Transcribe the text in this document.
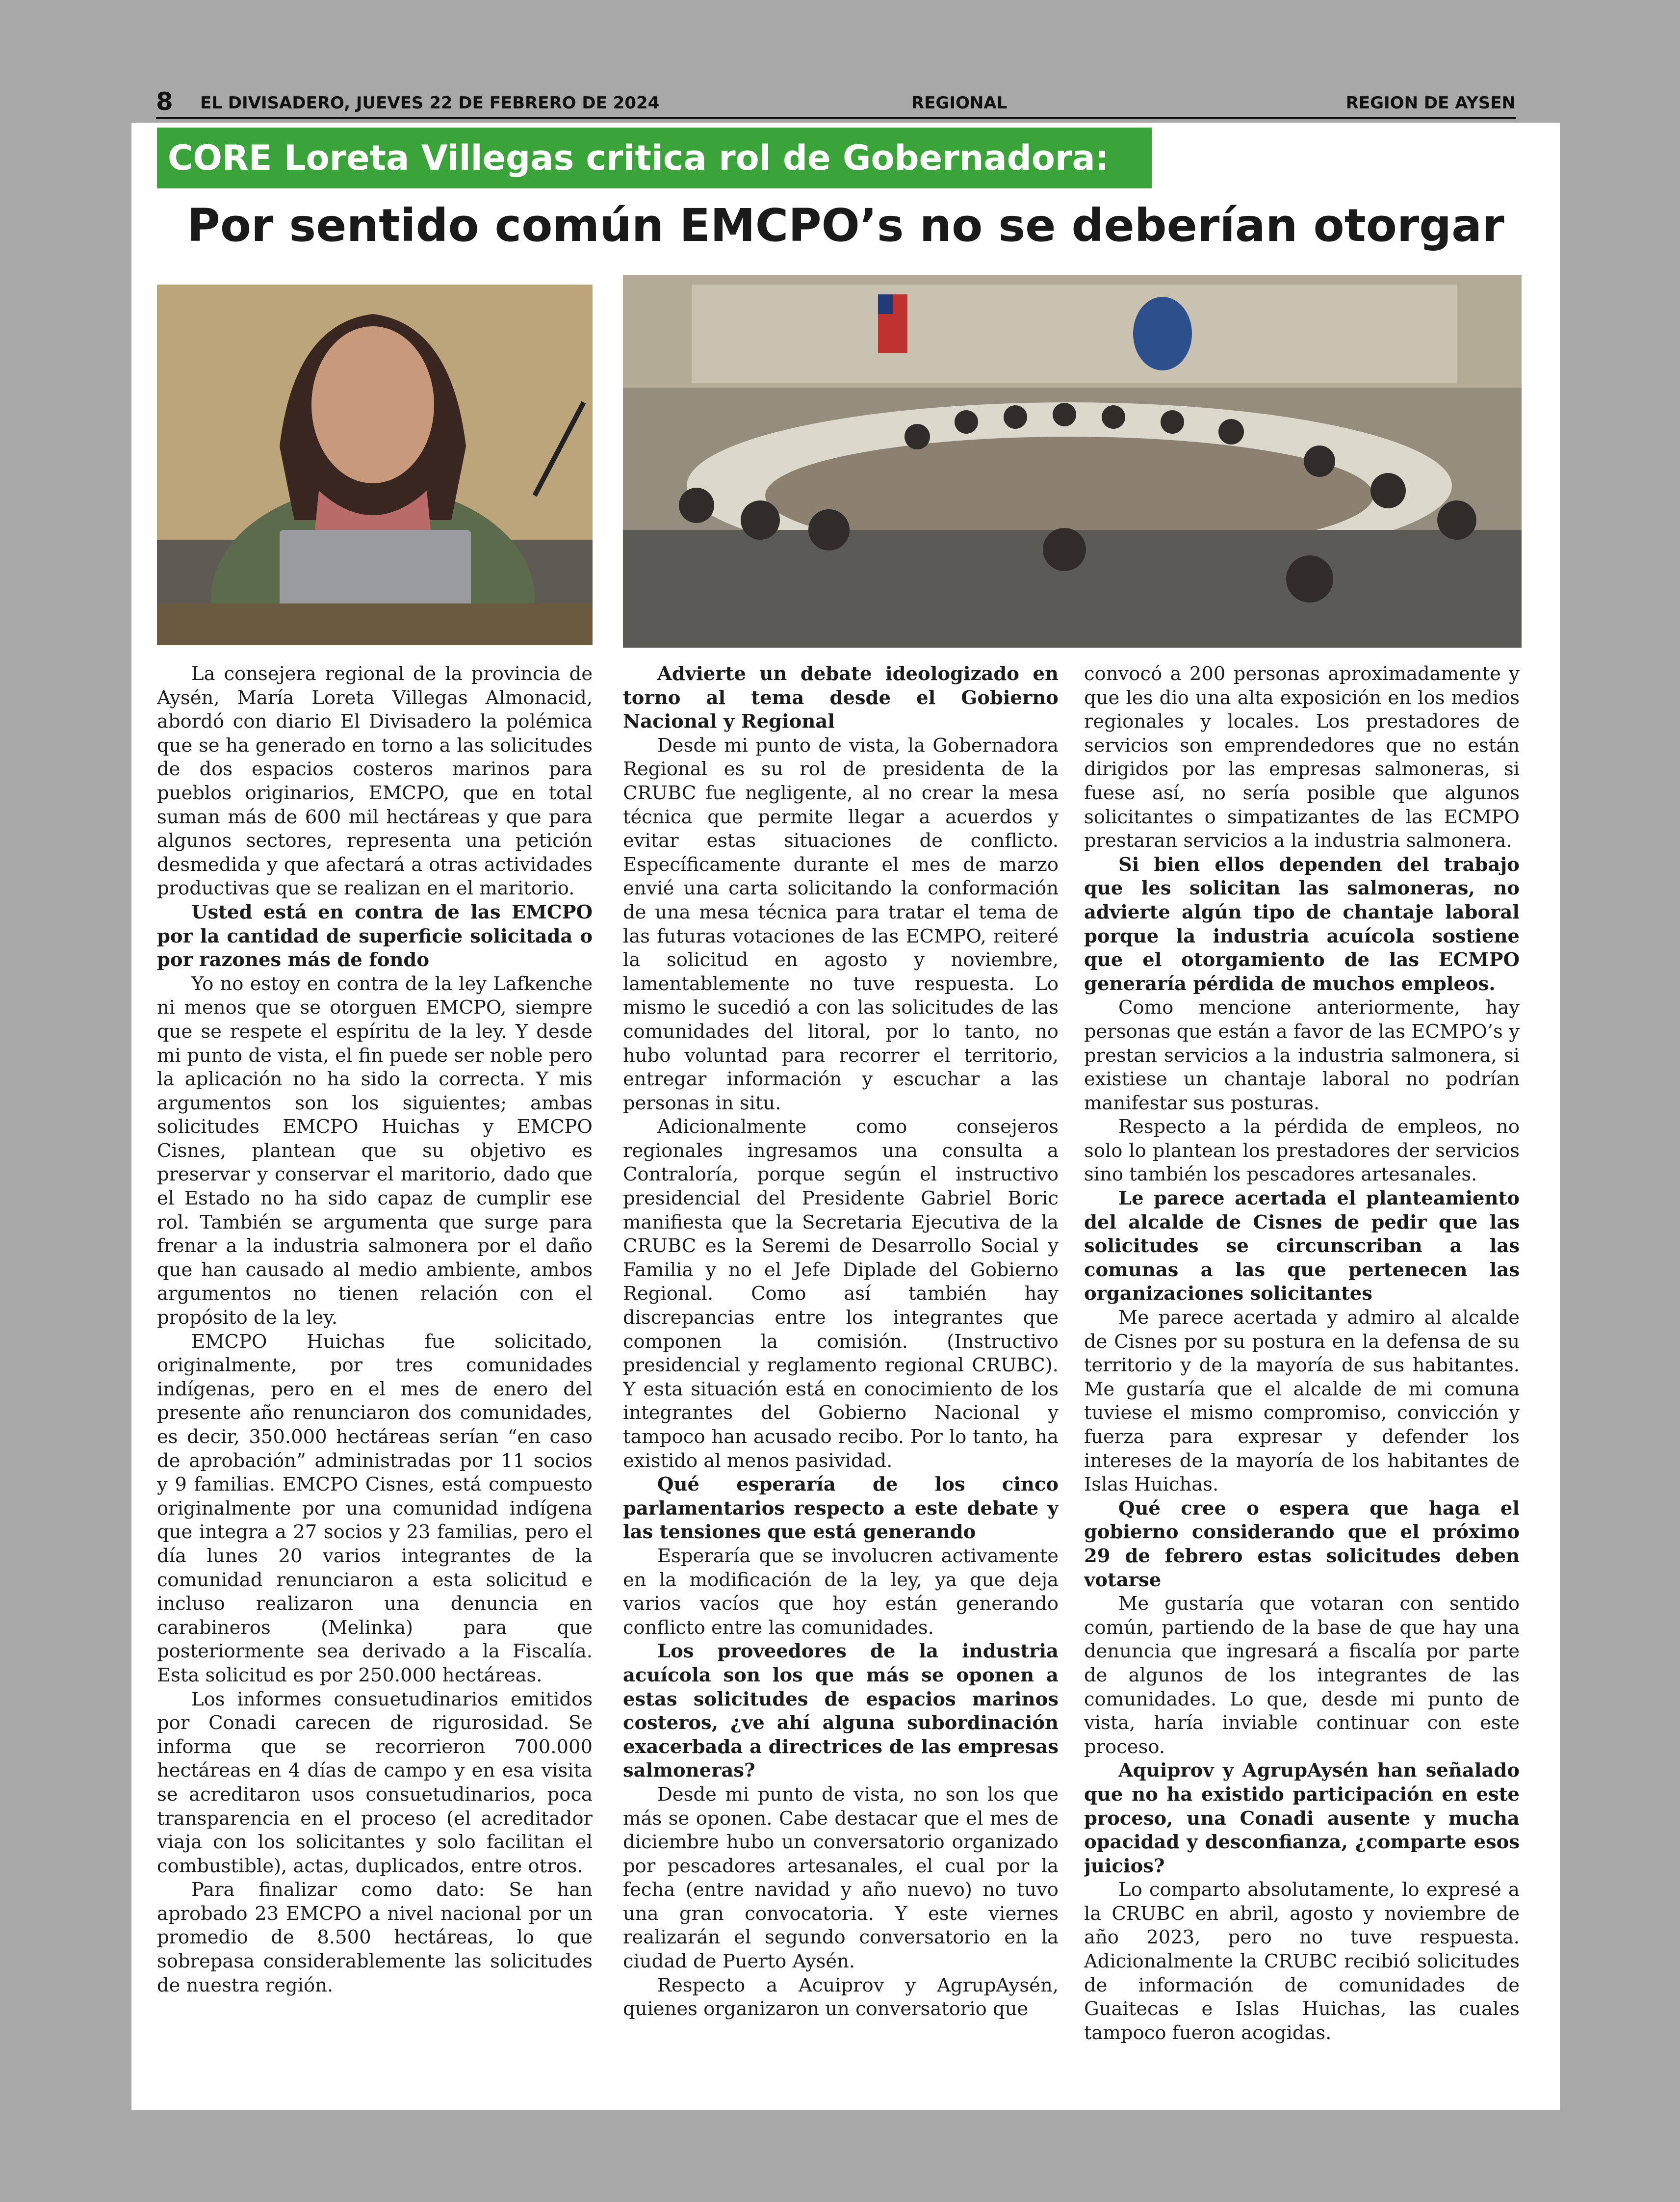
8 EL DIVISADERO, JUEVES 22 DE FEBRERO DE 2024	REGIONAL	REGION DE AYSEN
CORE Loreta Villegas critica rol de Gobernadora:
Por sentido común EMCPO’s no se deberían otorgar

La consejera regional de la provincia de Aysén, María Loreta Villegas Almonacid, abordó con diario El Divisadero la polémica que se ha generado en torno a las solicitudes de dos espacios costeros marinos para pueblos originarios, EMCPO, que en total suman más de 600 mil hectáreas y que para algunos sectores, representa una petición desmedida y que afectará a otras actividades productivas que se realizan en el maritorio.

Usted está en contra de las EMCPO por la cantidad de superficie solicitada o por razones más de fondo

Yo no estoy en contra de la ley Lafkenche ni menos que se otorguen EMCPO, siempre que se respete el espíritu de la ley. Y desde mi punto de vista, el fin puede ser noble pero la aplicación no ha sido la correcta. Y mis argumentos son los siguientes; ambas solicitudes EMCPO Huichas y EMCPO Cisnes, plantean que su objetivo es preservar y conservar el maritorio, dado que el Estado no ha sido capaz de cumplir ese rol. También se argumenta que surge para frenar a la industria salmonera por el daño que han causado al medio ambiente, ambos argumentos no tienen relación con el propósito de la ley.

EMCPO Huichas fue solicitado, originalmente, por tres comunidades indígenas, pero en el mes de enero del presente año renunciaron dos comunidades, es decir, 350.000 hectáreas serían “en caso de aprobación” administradas por 11 socios y 9 familias. EMCPO Cisnes, está compuesto originalmente por una comunidad indígena que integra a 27 socios y 23 familias, pero el día lunes 20 varios integrantes de la comunidad renunciaron a esta solicitud e incluso realizaron una denuncia en carabineros (Melinka) para que posteriormente sea derivado a la Fiscalía. Esta solicitud es por 250.000 hectáreas.

Los informes consuetudinarios emitidos por Conadi carecen de rigurosidad. Se informa que se recorrieron 700.000 hectáreas en 4 días de campo y en esa visita se acreditaron usos consuetudinarios, poca transparencia en el proceso (el acreditador viaja con los solicitantes y solo facilitan el combustible), actas, duplicados, entre otros.

Para finalizar como dato: Se han aprobado 23 EMCPO a nivel nacional por un promedio de 8.500 hectáreas, lo que sobrepasa considerablemente las solicitudes de nuestra región.

Advierte un debate ideologizado en torno al tema desde el Gobierno Nacional y Regional

Desde mi punto de vista, la Gobernadora Regional es su rol de presidenta de la CRUBC fue negligente, al no crear la mesa técnica que permite llegar a acuerdos y evitar estas situaciones de conflicto. Específicamente durante el mes de marzo envié una carta solicitando la conformación de una mesa técnica para tratar el tema de las futuras votaciones de las ECMPO, reiteré la solicitud en agosto y noviembre, lamentablemente no tuve respuesta. Lo mismo le sucedió a con las solicitudes de las comunidades del litoral, por lo tanto, no hubo voluntad para recorrer el territorio, entregar información y escuchar a las personas in situ.

Adicionalmente como consejeros regionales ingresamos una consulta a Contraloría, porque según el instructivo presidencial del Presidente Gabriel Boric manifiesta que la Secretaria Ejecutiva de la CRUBC es la Seremi de Desarrollo Social y Familia y no el Jefe Diplade del Gobierno Regional. Como así también hay discrepancias entre los integrantes que componen la comisión. (Instructivo presidencial y reglamento regional CRUBC). Y esta situación está en conocimiento de los integrantes del Gobierno Nacional y tampoco han acusado recibo. Por lo tanto, ha existido al menos pasividad.

Qué esperaría de los cinco parlamentarios respecto a este debate y las tensiones que está generando

Esperaría que se involucren activamente en la modificación de la ley, ya que deja varios vacíos que hoy están generando conflicto entre las comunidades.

Los proveedores de la industria acuícola son los que más se oponen a estas solicitudes de espacios marinos costeros, ¿ve ahí alguna subordinación exacerbada a directrices de las empresas salmoneras?

Desde mi punto de vista, no son los que más se oponen. Cabe destacar que el mes de diciembre hubo un conversatorio organizado por pescadores artesanales, el cual por la fecha (entre navidad y año nuevo) no tuvo una gran convocatoria. Y este viernes realizarán el segundo conversatorio en la ciudad de Puerto Aysén.

Respecto a Acuiprov y AgrupAysén, quienes organizaron un conversatorio que

convocó a 200 personas aproximadamente y que les dio una alta exposición en los medios regionales y locales. Los prestadores de servicios son emprendedores que no están dirigidos por las empresas salmoneras, si fuese así, no sería posible que algunos solicitantes o simpatizantes de las ECMPO prestaran servicios a la industria salmonera.

Si bien ellos dependen del trabajo que les solicitan las salmoneras, no advierte algún tipo de chantaje laboral porque la industria acuícola sostiene que el otorgamiento de las ECMPO generaría pérdida de muchos empleos.

Como mencione anteriormente, hay personas que están a favor de las ECMPO’s y prestan servicios a la industria salmonera, si existiese un chantaje laboral no podrían manifestar sus posturas.

Respecto a la pérdida de empleos, no solo lo plantean los prestadores der servicios sino también los pescadores artesanales.

Le parece acertada el planteamiento del alcalde de Cisnes de pedir que las solicitudes se circunscriban a las comunas a las que pertenecen las organizaciones solicitantes

Me parece acertada y admiro al alcalde de Cisnes por su postura en la defensa de su territorio y de la mayoría de sus habitantes. Me gustaría que el alcalde de mi comuna tuviese el mismo compromiso, convicción y fuerza para expresar y defender los intereses de la mayoría de los habitantes de Islas Huichas.

Qué cree o espera que haga el gobierno considerando que el próximo 29 de febrero estas solicitudes deben votarse

Me gustaría que votaran con sentido común, partiendo de la base de que hay una denuncia que ingresará a fiscalía por parte de algunos de los integrantes de las comunidades. Lo que, desde mi punto de vista, haría inviable continuar con este proceso.

Aquiprov y AgrupAysén han señalado que no ha existido participación en este proceso, una Conadi ausente y mucha opacidad y desconfianza, ¿comparte esos juicios?

Lo comparto absolutamente, lo expresé a la CRUBC en abril, agosto y noviembre de año 2023, pero no tuve respuesta. Adicionalmente la CRUBC recibió solicitudes de información de comunidades de Guaitecas e Islas Huichas, las cuales tampoco fueron acogidas.
